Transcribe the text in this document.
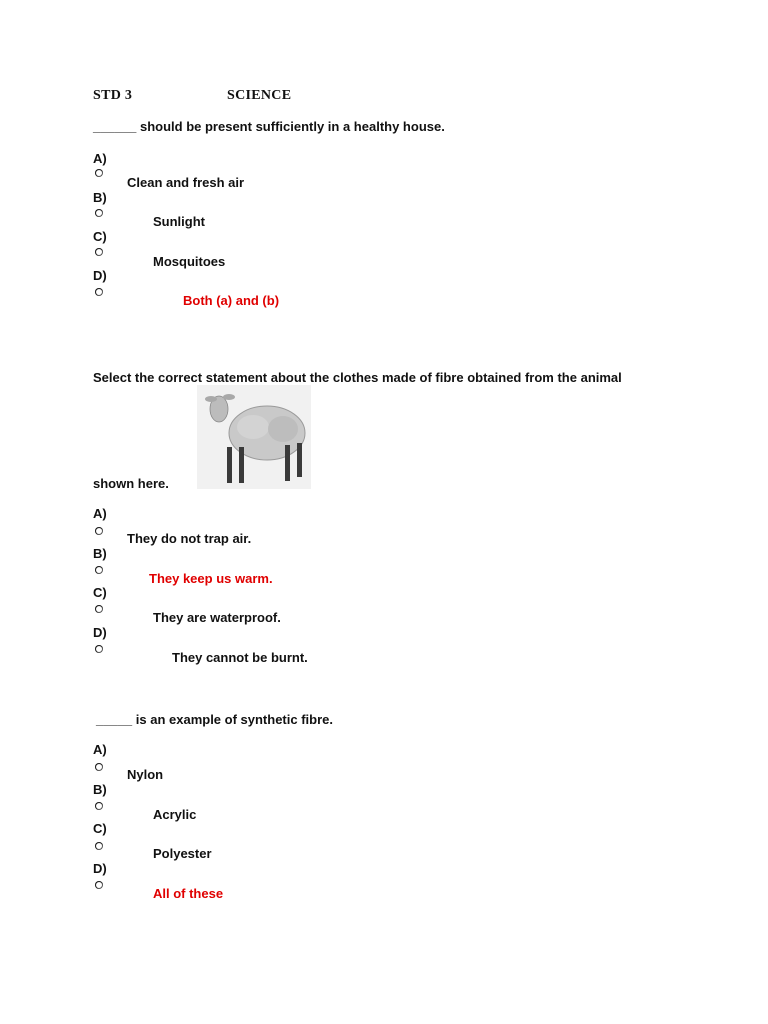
STD 3	SCIENCE
______ should be present sufficiently in a healthy house.
A)
Clean and fresh air
B)
Sunlight
C)
Mosquitoes
D)
Both (a) and (b)
Select the correct statement about the clothes made of fibre obtained from the animal
shown here.
A)
They do not trap air.
B)
They keep us warm.
C)
They are waterproof.
D)
They cannot be burnt.
_____ is an example of synthetic fibre.
A)
Nylon
B)
Acrylic
C)
Polyester
D)
All of these
